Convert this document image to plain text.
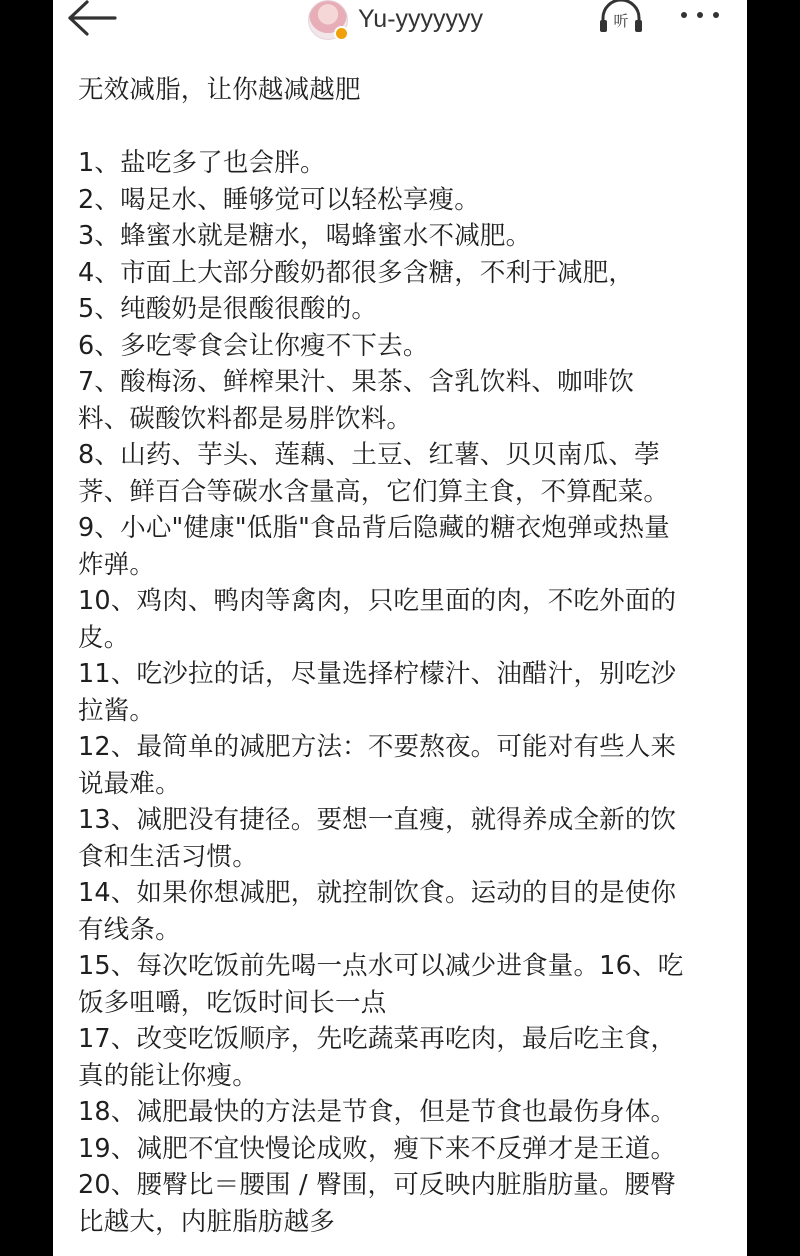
Yu-yyyyyyy	听
无效减脂，让你越减越肥
1、盐吃多了也会胖。
2、喝足水、睡够觉可以轻松享瘦。
3、蜂蜜水就是糖水，喝蜂蜜水不减肥。
4、市面上大部分酸奶都很多含糖，不利于减肥，
5、纯酸奶是很酸很酸的。
6、多吃零食会让你瘦不下去。
7、酸梅汤、鲜榨果汁、果茶、含乳饮料、咖啡饮
料、碳酸饮料都是易胖饮料。
8、山药、芋头、莲藕、土豆、红薯、贝贝南瓜、荸
荠、鲜百合等碳水含量高，它们算主食，不算配菜。
9、小心"健康"低脂"食品背后隐藏的糖衣炮弹或热量
炸弹。
10、鸡肉、鸭肉等禽肉，只吃里面的肉，不吃外面的
皮。
11、吃沙拉的话，尽量选择柠檬汁、油醋汁，别吃沙
拉酱。
12、最简单的减肥方法：不要熬夜。可能对有些人来
说最难。
13、减肥没有捷径。要想一直瘦，就得养成全新的饮
食和生活习惯。
14、如果你想减肥，就控制饮食。运动的目的是使你
有线条。
15、每次吃饭前先喝一点水可以减少进食量。16、吃
饭多咀嚼，吃饭时间长一点
17、改变吃饭顺序，先吃蔬菜再吃肉，最后吃主食，
真的能让你瘦。
18、减肥最快的方法是节食，但是节食也最伤身体。
19、减肥不宜快慢论成败，瘦下来不反弹才是王道。
20、腰臀比＝腰围 / 臀围，可反映内脏脂肪量。腰臀
比越大，内脏脂肪越多
